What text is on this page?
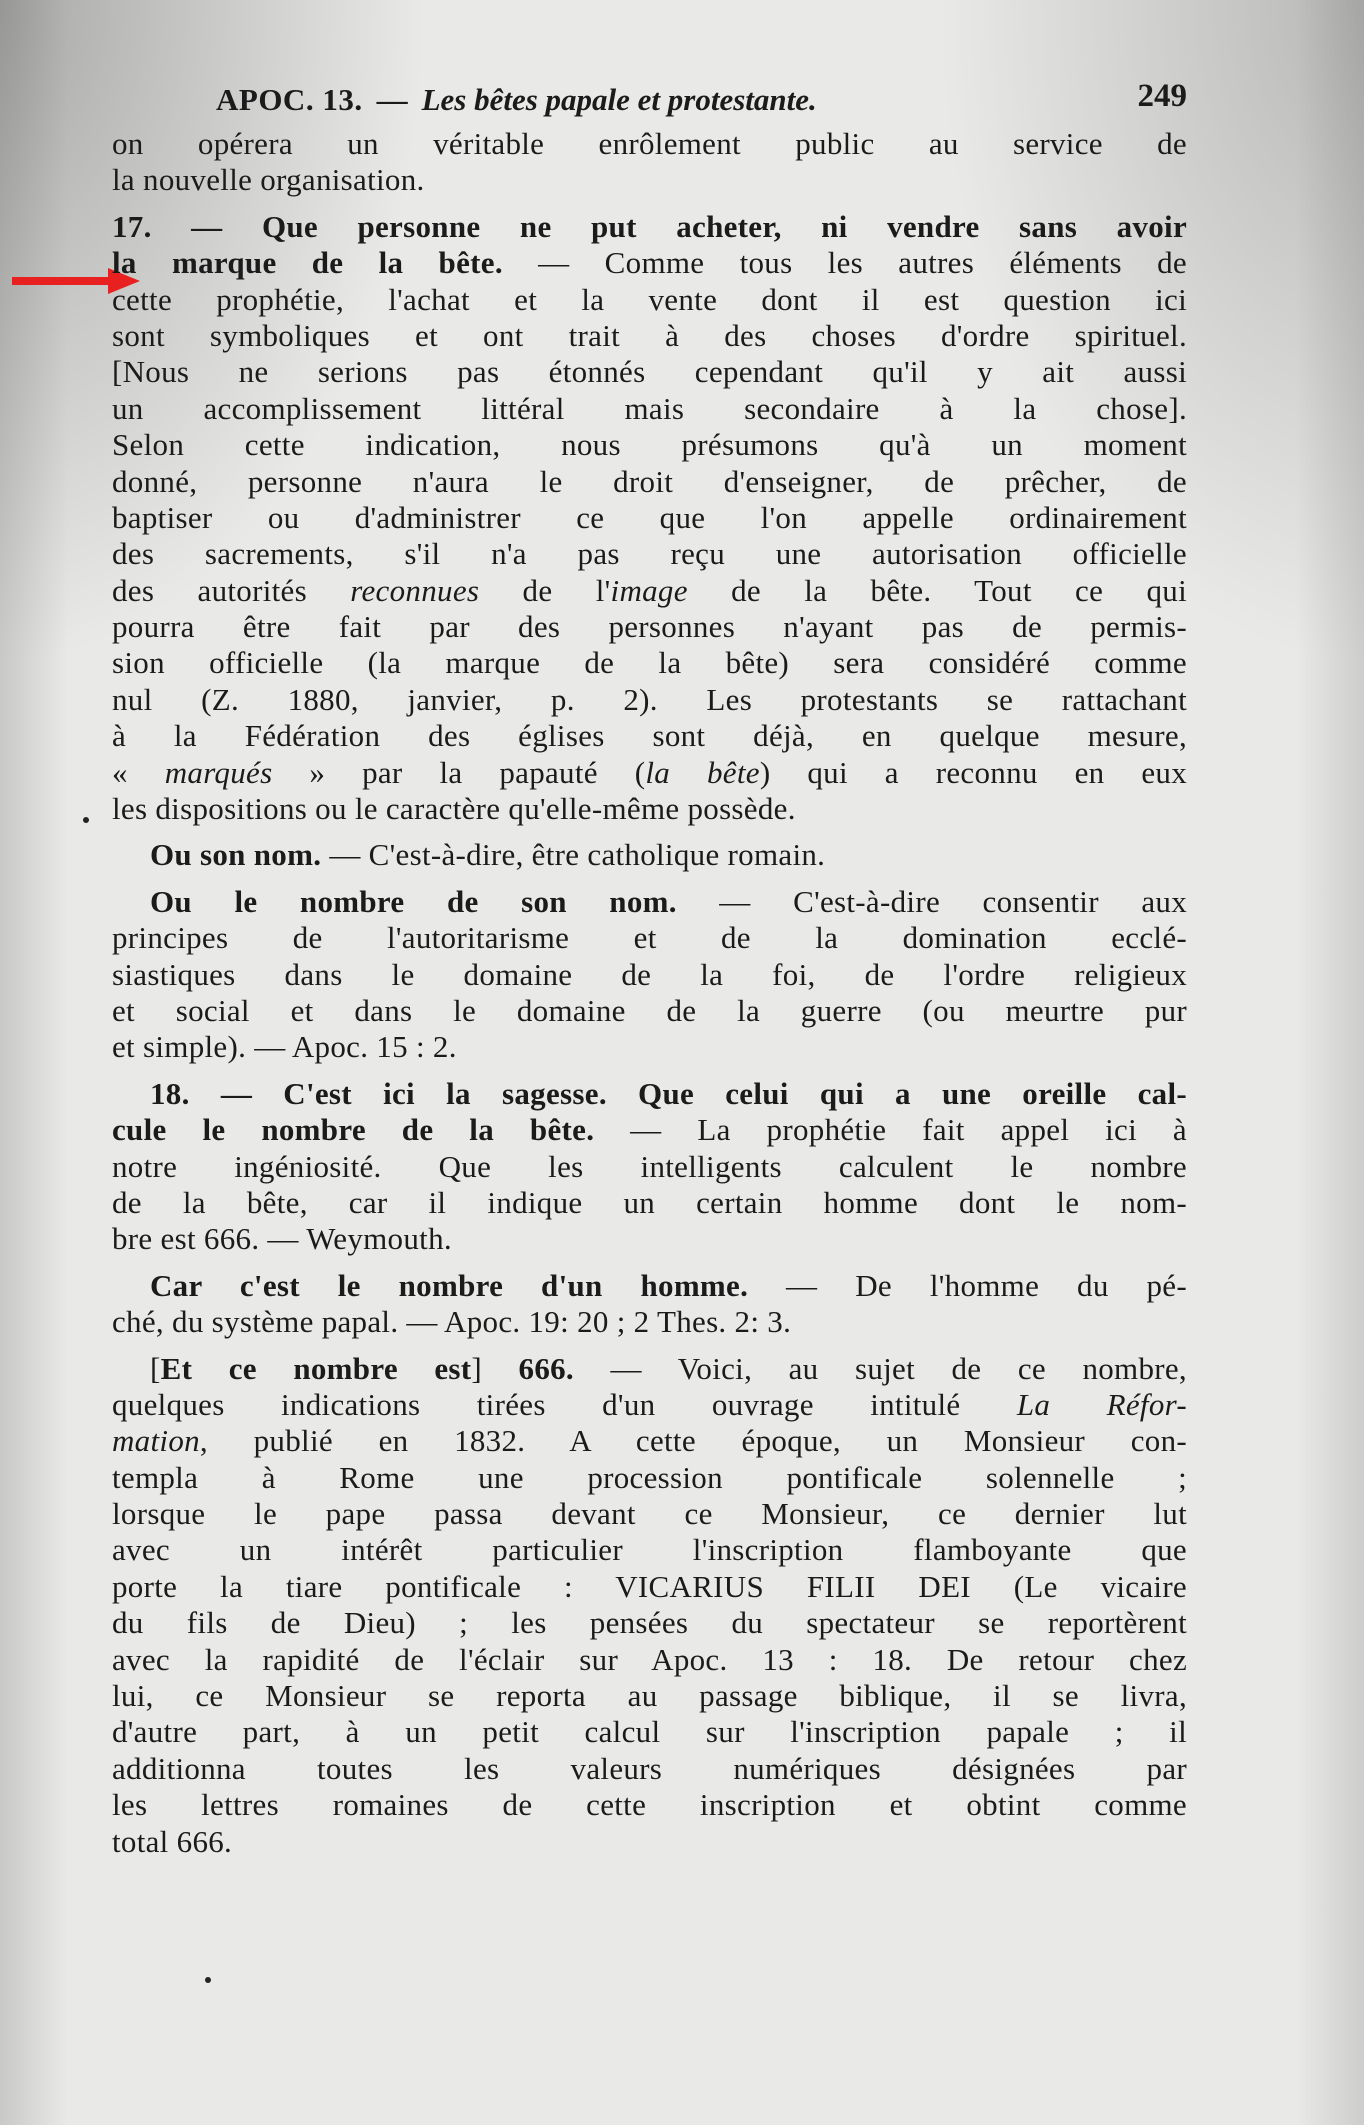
APOC. 13. — Les bêtes papale et protestante.	249
on opérera un véritable enrôlement public au service de
la nouvelle organisation.
17. — Que personne ne put acheter, ni vendre sans avoir
la marque de la bête. — Comme tous les autres éléments de
cette prophétie, l'achat et la vente dont il est question ici
sont symboliques et ont trait à des choses d'ordre spirituel.
[Nous ne serions pas étonnés cependant qu'il y ait aussi
un accomplissement littéral mais secondaire à la chose].
Selon cette indication, nous présumons qu'à un moment
donné, personne n'aura le droit d'enseigner, de prêcher, de
baptiser ou d'administrer ce que l'on appelle ordinairement
des sacrements, s'il n'a pas reçu une autorisation officielle
des autorités reconnues de l'image de la bête. Tout ce qui
pourra être fait par des personnes n'ayant pas de permis-
sion officielle (la marque de la bête) sera considéré comme
nul (Z. 1880, janvier, p. 2). Les protestants se rattachant
à la Fédération des églises sont déjà, en quelque mesure,
« marqués » par la papauté (la bête) qui a reconnu en eux
les dispositions ou le caractère qu'elle-même possède.
Ou son nom. — C'est-à-dire, être catholique romain.
Ou le nombre de son nom. — C'est-à-dire consentir aux
principes de l'autoritarisme et de la domination ecclé-
siastiques dans le domaine de la foi, de l'ordre religieux
et social et dans le domaine de la guerre (ou meurtre pur
et simple). — Apoc. 15 : 2.
18. — C'est ici la sagesse. Que celui qui a une oreille cal-
cule le nombre de la bête. — La prophétie fait appel ici à
notre ingéniosité. Que les intelligents calculent le nombre
de la bête, car il indique un certain homme dont le nom-
bre est 666. — Weymouth.
Car c'est le nombre d'un homme. — De l'homme du pé-
ché, du système papal. — Apoc. 19: 20 ; 2 Thes. 2: 3.
[Et ce nombre est] 666. — Voici, au sujet de ce nombre,
quelques indications tirées d'un ouvrage intitulé La Réfor-
mation, publié en 1832. A cette époque, un Monsieur con-
templa à Rome une procession pontificale solennelle ;
lorsque le pape passa devant ce Monsieur, ce dernier lut
avec un intérêt particulier l'inscription flamboyante que
porte la tiare pontificale : VICARIUS FILII DEI (Le vicaire
du fils de Dieu) ; les pensées du spectateur se reportèrent
avec la rapidité de l'éclair sur Apoc. 13 : 18. De retour chez
lui, ce Monsieur se reporta au passage biblique, il se livra,
d'autre part, à un petit calcul sur l'inscription papale ; il
additionna toutes les valeurs numériques désignées par
les lettres romaines de cette inscription et obtint comme
total 666.
